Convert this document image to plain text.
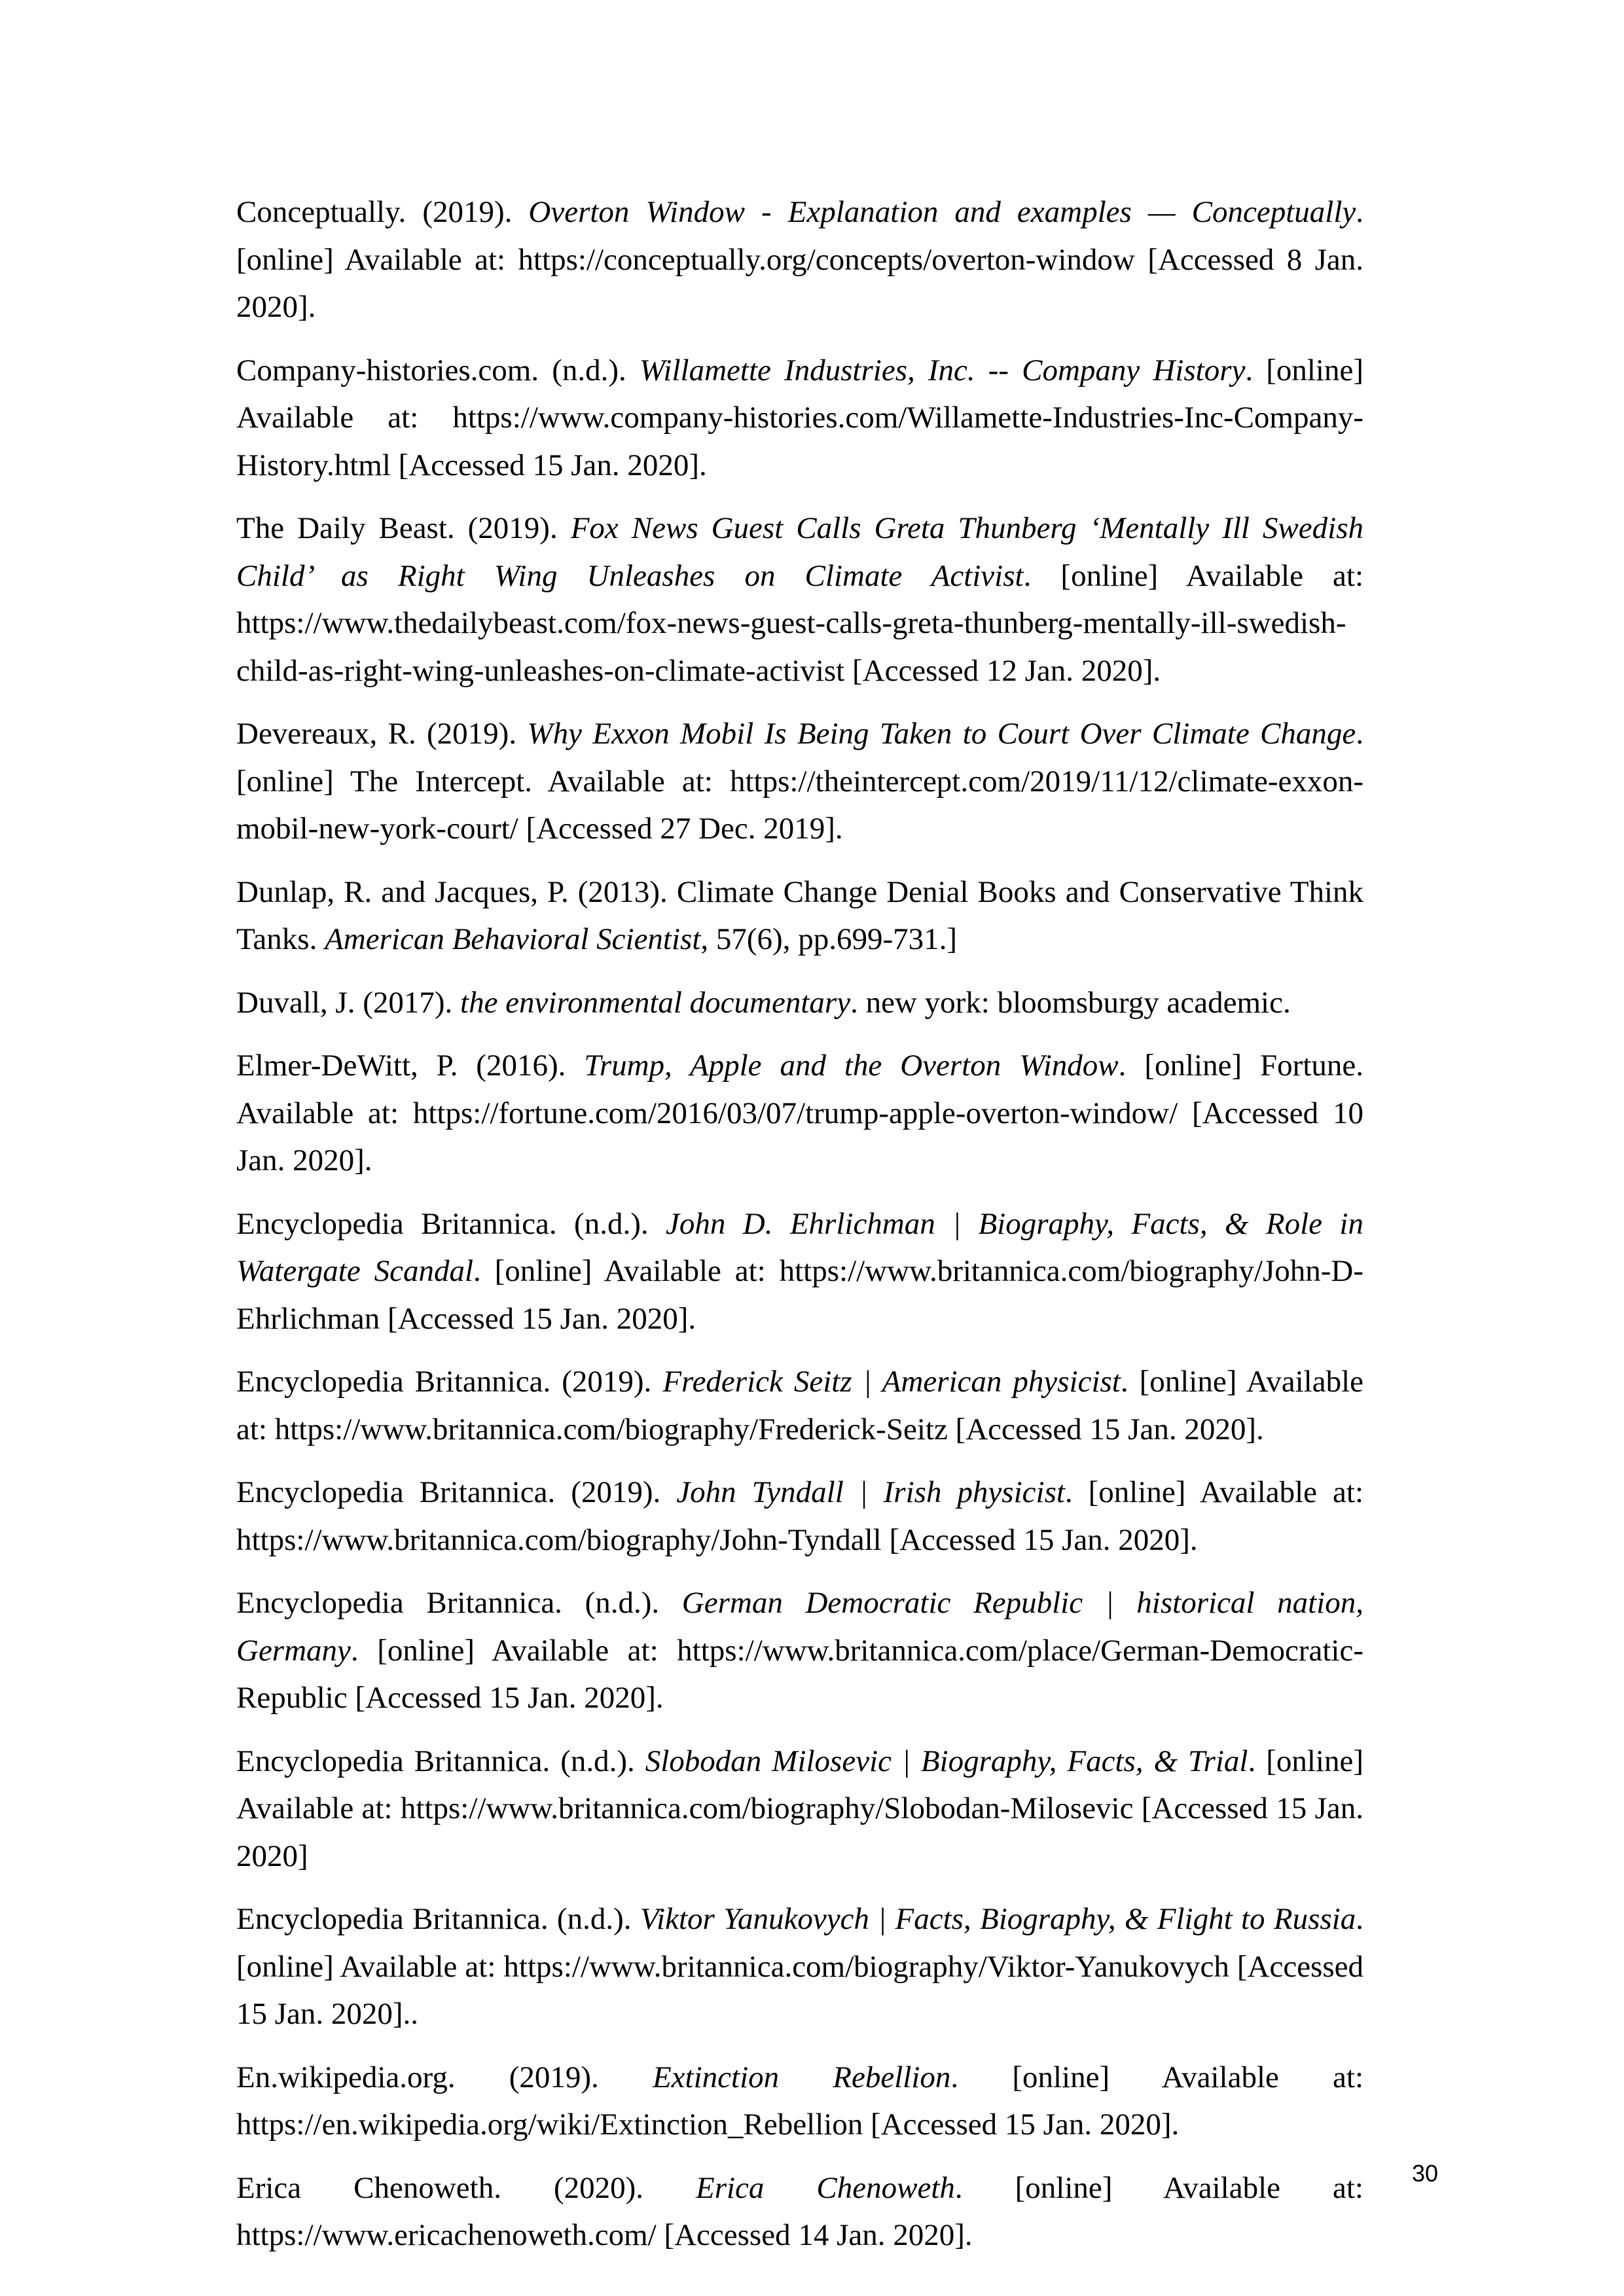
Conceptually. (2019). Overton Window - Explanation and examples — Conceptually. [online] Available at: https://conceptually.org/concepts/overton-window [Accessed 8 Jan. 2020].

Company-histories.com. (n.d.). Willamette Industries, Inc. -- Company History. [online] Available at: https://www.company-histories.com/Willamette-Industries-Inc-Company-History.html [Accessed 15 Jan. 2020].

The Daily Beast. (2019). Fox News Guest Calls Greta Thunberg ‘Mentally Ill Swedish Child’ as Right Wing Unleashes on Climate Activist. [online] Available at: https://www.thedailybeast.com/fox-news-guest-calls-greta-thunberg-mentally-ill-swedish-child-as-right-wing-unleashes-on-climate-activist [Accessed 12 Jan. 2020].

Devereaux, R. (2019). Why Exxon Mobil Is Being Taken to Court Over Climate Change. [online] The Intercept. Available at: https://theintercept.com/2019/11/12/climate-exxon-mobil-new-york-court/ [Accessed 27 Dec. 2019].

Dunlap, R. and Jacques, P. (2013). Climate Change Denial Books and Conservative Think Tanks. American Behavioral Scientist, 57(6), pp.699-731.]

Duvall, J. (2017). the environmental documentary. new york: bloomsburgy academic.

Elmer-DeWitt, P. (2016). Trump, Apple and the Overton Window. [online] Fortune. Available at: https://fortune.com/2016/03/07/trump-apple-overton-window/ [Accessed 10 Jan. 2020].

Encyclopedia Britannica. (n.d.). John D. Ehrlichman | Biography, Facts, & Role in Watergate Scandal. [online] Available at: https://www.britannica.com/biography/John-D-Ehrlichman [Accessed 15 Jan. 2020].

Encyclopedia Britannica. (2019). Frederick Seitz | American physicist. [online] Available at: https://www.britannica.com/biography/Frederick-Seitz [Accessed 15 Jan. 2020].

Encyclopedia Britannica. (2019). John Tyndall | Irish physicist. [online] Available at: https://www.britannica.com/biography/John-Tyndall [Accessed 15 Jan. 2020].

Encyclopedia Britannica. (n.d.). German Democratic Republic | historical nation, Germany. [online] Available at: https://www.britannica.com/place/German-Democratic-Republic [Accessed 15 Jan. 2020].

Encyclopedia Britannica. (n.d.). Slobodan Milosevic | Biography, Facts, & Trial. [online] Available at: https://www.britannica.com/biography/Slobodan-Milosevic [Accessed 15 Jan. 2020]

Encyclopedia Britannica. (n.d.). Viktor Yanukovych | Facts, Biography, & Flight to Russia. [online] Available at: https://www.britannica.com/biography/Viktor-Yanukovych [Accessed 15 Jan. 2020]..

En.wikipedia.org. (2019). Extinction Rebellion. [online] Available at: https://en.wikipedia.org/wiki/Extinction_Rebellion [Accessed 15 Jan. 2020].

Erica Chenoweth. (2020). Erica Chenoweth. [online] Available at: https://www.ericachenoweth.com/ [Accessed 14 Jan. 2020].

30
